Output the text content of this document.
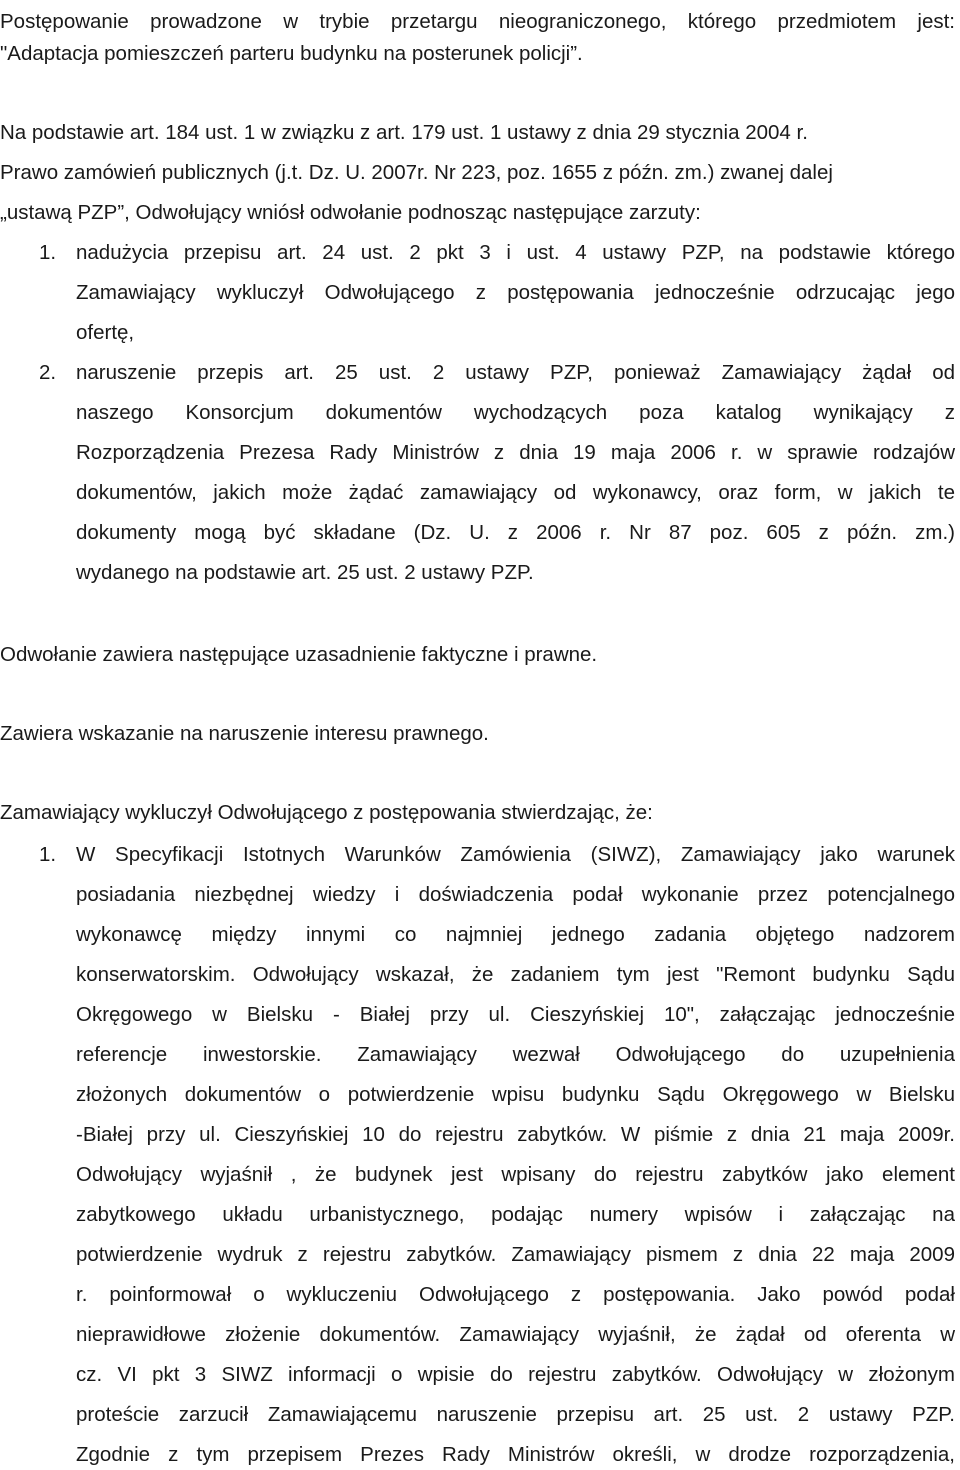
Postępowanie prowadzone w trybie przetargu nieograniczonego, którego przedmiotem jest:
"Adaptacja pomieszczeń parteru budynku na posterunek policji”.
Na podstawie art. 184 ust. 1 w związku z art. 179 ust. 1 ustawy z dnia 29 stycznia 2004 r.
Prawo zamówień publicznych (j.t. Dz. U. 2007r. Nr 223, poz. 1655 z późn. zm.) zwanej dalej
„ustawą PZP”, Odwołujący wniósł odwołanie podnosząc następujące zarzuty:
1. nadużycia przepisu art. 24 ust. 2 pkt 3 i ust. 4 ustawy PZP, na podstawie którego
Zamawiający wykluczył Odwołującego z postępowania jednocześnie odrzucając jego
ofertę,
2. naruszenie przepis art. 25 ust. 2 ustawy PZP, ponieważ Zamawiający żądał od
naszego Konsorcjum dokumentów wychodzących poza katalog wynikający z
Rozporządzenia Prezesa Rady Ministrów z dnia 19 maja 2006 r. w sprawie rodzajów
dokumentów, jakich może żądać zamawiający od wykonawcy, oraz form, w jakich te
dokumenty mogą być składane (Dz. U. z 2006 r. Nr 87 poz. 605 z późn. zm.)
wydanego na podstawie art. 25 ust. 2 ustawy PZP.
Odwołanie zawiera następujące uzasadnienie faktyczne i prawne.
Zawiera wskazanie na naruszenie interesu prawnego.
Zamawiający wykluczył Odwołującego z postępowania stwierdzając, że:
1. W Specyfikacji Istotnych Warunków Zamówienia (SIWZ), Zamawiający jako warunek
posiadania niezbędnej wiedzy i doświadczenia podał wykonanie przez potencjalnego
wykonawcę między innymi co najmniej jednego zadania objętego nadzorem
konserwatorskim. Odwołujący wskazał, że zadaniem tym jest "Remont budynku Sądu
Okręgowego w Bielsku - Białej przy ul. Cieszyńskiej 10", załączając jednocześnie
referencje inwestorskie. Zamawiający wezwał Odwołującego do uzupełnienia
złożonych dokumentów o potwierdzenie wpisu budynku Sądu Okręgowego w Bielsku
-Białej przy ul. Cieszyńskiej 10 do rejestru zabytków. W piśmie z dnia 21 maja 2009r.
Odwołujący wyjaśnił , że budynek jest wpisany do rejestru zabytków jako element
zabytkowego układu urbanistycznego, podając numery wpisów i załączając na
potwierdzenie wydruk z rejestru zabytków. Zamawiający pismem z dnia 22 maja 2009
r. poinformował o wykluczeniu Odwołującego z postępowania. Jako powód podał
nieprawidłowe złożenie dokumentów. Zamawiający wyjaśnił, że żądał od oferenta w
cz. VI pkt 3 SIWZ informacji o wpisie do rejestru zabytków. Odwołujący w złożonym
proteście zarzucił Zamawiającemu naruszenie przepisu art. 25 ust. 2 ustawy PZP.
Zgodnie z tym przepisem Prezes Rady Ministrów określi, w drodze rozporządzenia,
